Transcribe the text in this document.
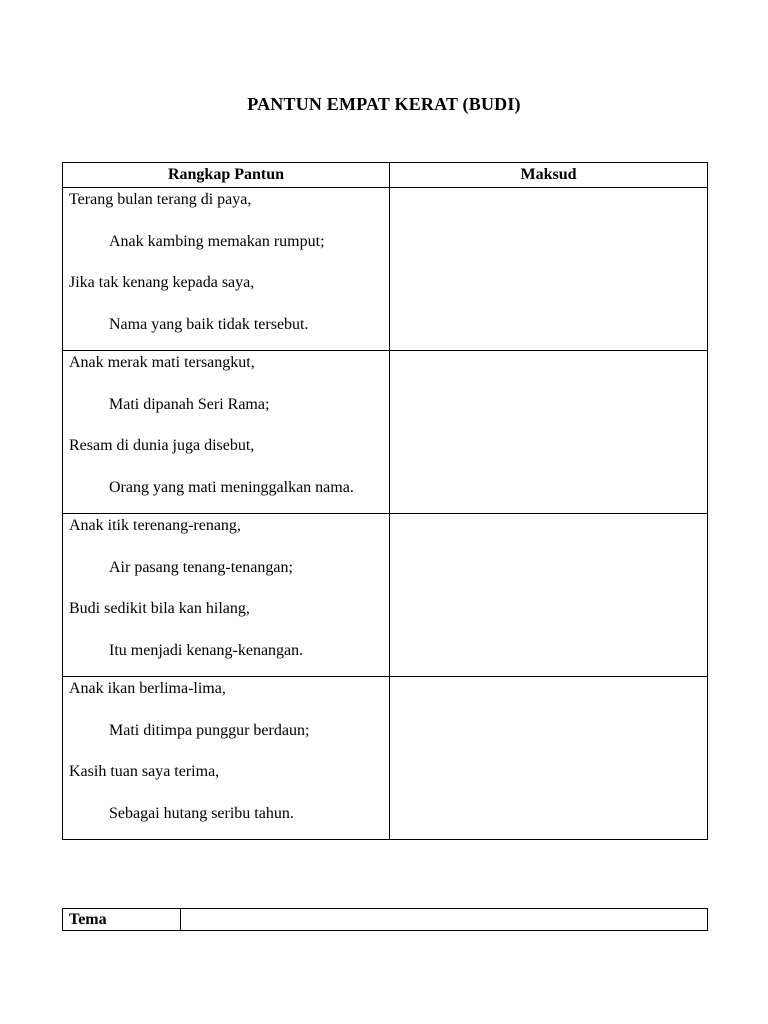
PANTUN EMPAT KERAT (BUDI)
Rangkap Pantun	Maksud

Terang bulan terang di paya,
Anak kambing memakan rumput;
Jika tak kenang kepada saya,
Nama yang baik tidak tersebut.	

Anak merak mati tersangkut,
Mati dipanah Seri Rama;
Resam di dunia juga disebut,
Orang yang mati meninggalkan nama.	

Anak itik terenang-renang,
Air pasang tenang-tenangan;
Budi sedikit bila kan hilang,
Itu menjadi kenang-kenangan.	

Anak ikan berlima-lima,
Mati ditimpa punggur berdaun;
Kasih tuan saya terima,
Sebagai hutang seribu tahun.	

Tema	
